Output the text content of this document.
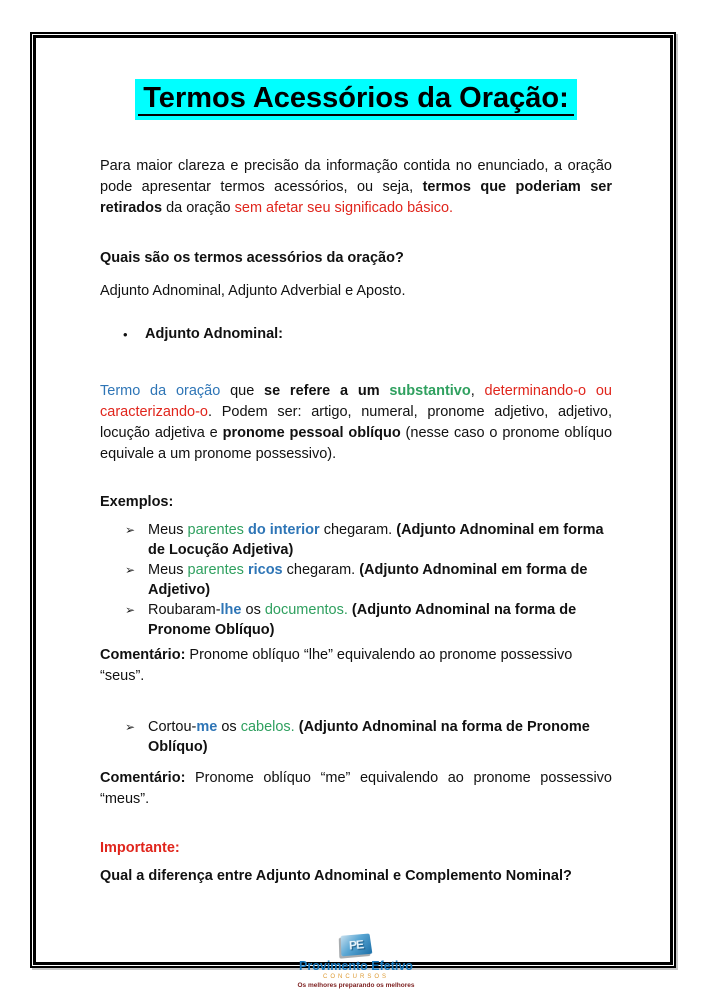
Termos Acessórios da Oração:

Para maior clareza e precisão da informação contida no enunciado, a oração pode apresentar termos acessórios, ou seja, termos que poderiam ser retirados da oração sem afetar seu significado básico.

Quais são os termos acessórios da oração?

Adjunto Adnominal, Adjunto Adverbial e Aposto.

•	Adjunto Adnominal:

Termo da oração que se refere a um substantivo, determinando-o ou caracterizando-o. Podem ser: artigo, numeral, pronome adjetivo, adjetivo, locução adjetiva e pronome pessoal oblíquo (nesse caso o pronome oblíquo equivale a um pronome possessivo).

Exemplos:

➢ Meus parentes do interior chegaram. (Adjunto Adnominal em forma de Locução Adjetiva)
➢ Meus parentes ricos chegaram. (Adjunto Adnominal em forma de Adjetivo)
➢ Roubaram-lhe os documentos. (Adjunto Adnominal na forma de Pronome Oblíquo)

Comentário: Pronome oblíquo “lhe” equivalendo ao pronome possessivo “seus”.

➢ Cortou-me os cabelos. (Adjunto Adnominal na forma de Pronome Oblíquo)

Comentário: Pronome oblíquo “me” equivalendo ao pronome possessivo “meus”.

Importante:

Qual a diferença entre Adjunto Adnominal e Complemento Nominal?

PE
Provimento Efetivo
CONCURSOS
Os melhores preparando os melhores
